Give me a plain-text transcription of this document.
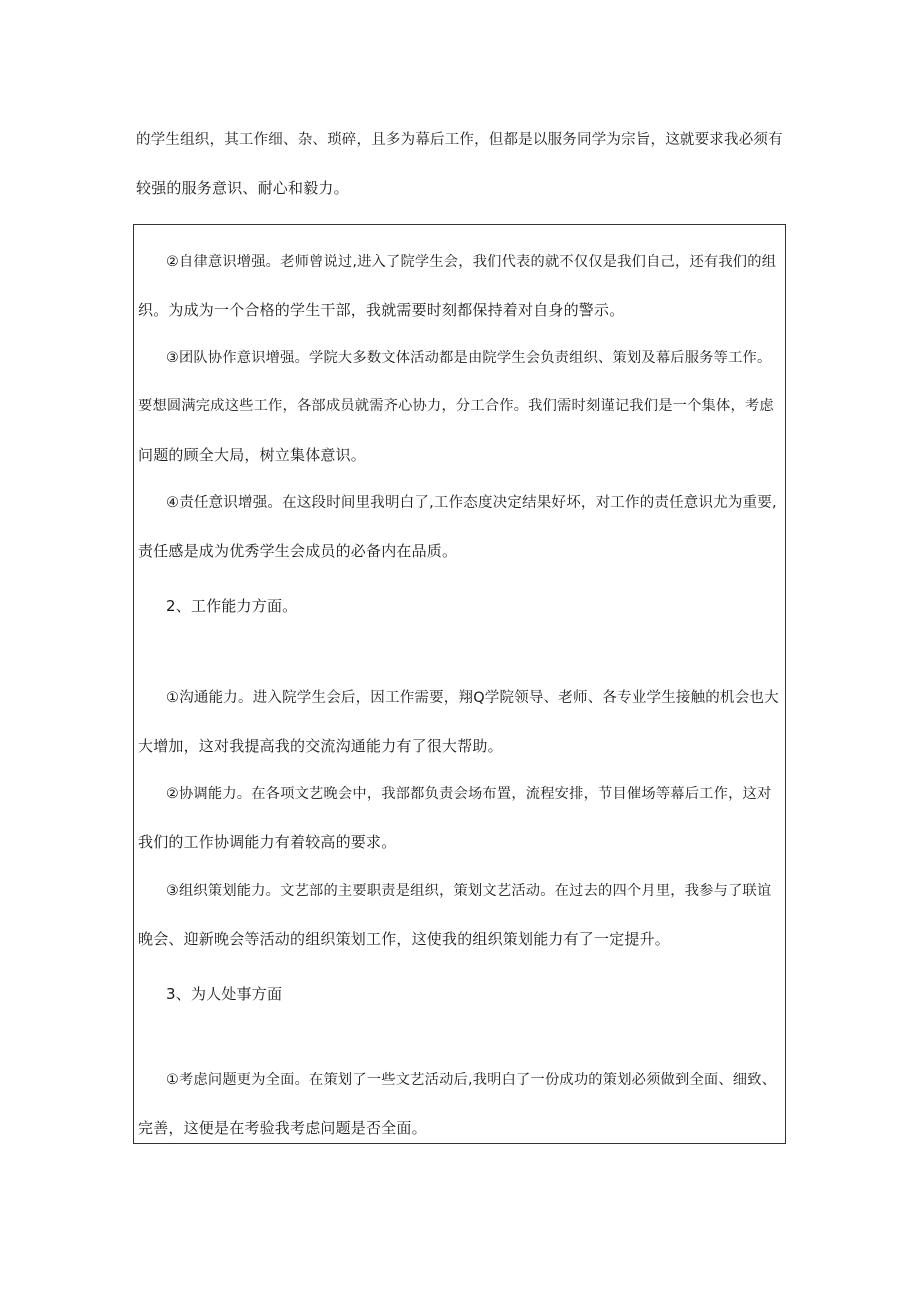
的学生组织，其工作细、杂、琐碎，且多为幕后工作，但都是以服务同学为宗旨，这就要求我必须有
较强的服务意识、耐心和毅力。
②自律意识增强。老师曾说过,进入了院学生会，我们代表的就不仅仅是我们自己，还有我们的组
织。为成为一个合格的学生干部，我就需要时刻都保持着对自身的警示。
③团队协作意识增强。学院大多数文体活动都是由院学生会负责组织、策划及幕后服务等工作。
要想圆满完成这些工作，各部成员就需齐心协力，分工合作。我们需时刻谨记我们是一个集体，考虑
问题的顾全大局，树立集体意识。
④责任意识增强。在这段时间里我明白了,工作态度决定结果好坏，对工作的责任意识尤为重要,
责任感是成为优秀学生会成员的必备内在品质。
2、工作能力方面。
①沟通能力。进入院学生会后，因工作需要，翔Q学院领导、老师、各专业学生接触的机会也大
大增加，这对我提高我的交流沟通能力有了很大帮助。
②协调能力。在各项文艺晚会中，我部都负责会场布置，流程安排，节目催场等幕后工作，这对
我们的工作协调能力有着较高的要求。
③组织策划能力。文艺部的主要职责是组织，策划文艺活动。在过去的四个月里，我参与了联谊
晚会、迎新晚会等活动的组织策划工作，这使我的组织策划能力有了一定提升。
3、为人处事方面
①考虑问题更为全面。在策划了一些文艺活动后,我明白了一份成功的策划必须做到全面、细致、
完善，这便是在考验我考虑问题是否全面。
